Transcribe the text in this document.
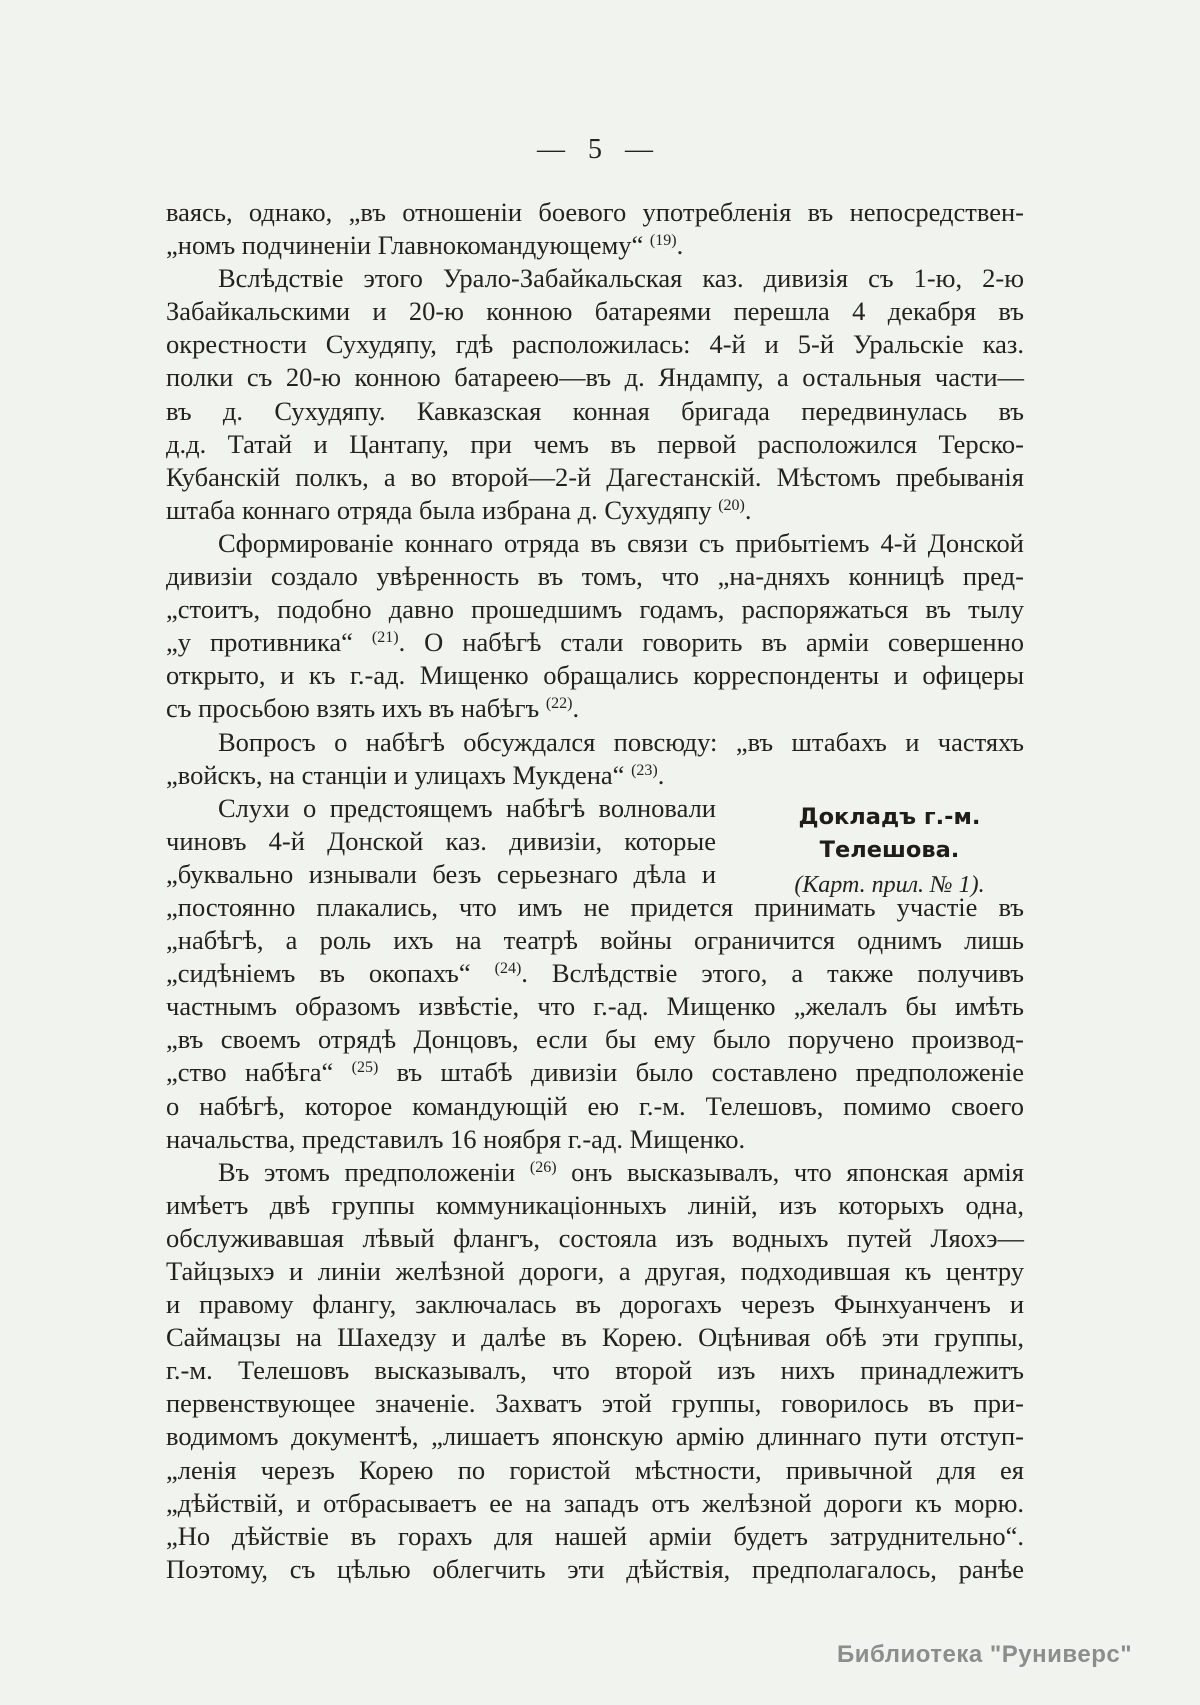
— 5 —
ваясь, однако, „въ отношеніи боевого употребленія въ непосредствен-
„номъ подчиненіи Главнокомандующему“ $^{(19)}$.
Вслѣдствіе этого Урало-Забайкальская каз. дивизія съ 1-ю, 2-ю
Забайкальскими и 20-ю конною батареями перешла 4 декабря въ
окрестности Сухудяпу, гдѣ расположилась: 4-й и 5-й Уральскіе каз.
полки съ 20-ю конною батареею—въ д. Яндампу, а остальныя части—
въ д. Сухудяпу. Кавказская конная бригада передвинулась въ
д.д. Татай и Цантапу, при чемъ въ первой расположился Терско-
Кубанскій полкъ, а во второй—2-й Дагестанскій. Мѣстомъ пребыванія
штаба коннаго отряда была избрана д. Сухудяпу $^{(20)}$.
Сформированіе коннаго отряда въ связи съ прибытіемъ 4-й Донской
дивизіи создало увѣренность въ томъ, что „на-дняхъ конницѣ пред-
„стоитъ, подобно давно прошедшимъ годамъ, распоряжаться въ тылу
„у противника“ $^{(21)}$. О набѣгѣ стали говорить въ арміи совершенно
открыто, и къ г.-ад. Мищенко обращались корреспонденты и офицеры
съ просьбою взять ихъ въ набѣгъ $^{(22)}$.
Вопросъ о набѣгѣ обсуждался повсюду: „въ штабахъ и частяхъ
„войскъ, на станціи и улицахъ Мукдена“ $^{(23)}$.
Слухи о предстоящемъ набѣгѣ волновали
чиновъ 4-й Донской каз. дивизіи, которые
„буквально изнывали безъ серьезнаго дѣла и
„постоянно плакались, что имъ не придется принимать участіе въ
„набѣгѣ, а роль ихъ на театрѣ войны ограничится однимъ лишь
„сидѣніемъ въ окопахъ“ $^{(24)}$. Вслѣдствіе этого, а также получивъ
частнымъ образомъ извѣстіе, что г.-ад. Мищенко „желалъ бы имѣть
„въ своемъ отрядѣ Донцовъ, если бы ему было поручено производ-
„ство набѣга“ $^{(25)}$ въ штабѣ дивизіи было составлено предположеніе
о набѣгѣ, которое командующій ею г.-м. Телешовъ, помимо своего
начальства, представилъ 16 ноября г.-ад. Мищенко.
Въ этомъ предположеніи $^{(26)}$ онъ высказывалъ, что японская армія
имѣетъ двѣ группы коммуникаціонныхъ линій, изъ которыхъ одна,
обслуживавшая лѣвый флангъ, состояла изъ водныхъ путей Ляохэ—
Тайцзыхэ и линіи желѣзной дороги, а другая, подходившая къ центру
и правому флангу, заключалась въ дорогахъ черезъ Фынхуанченъ и
Саймацзы на Шахедзу и далѣе въ Корею. Оцѣнивая обѣ эти группы,
г.-м. Телешовъ высказывалъ, что второй изъ нихъ принадлежитъ
первенствующее значеніе. Захватъ этой группы, говорилось въ при-
водимомъ документѣ, „лишаетъ японскую армію длиннаго пути отступ-
„ленія черезъ Корею по гористой мѣстности, привычной для ея
„дѣйствій, и отбрасываетъ ее на западъ отъ желѣзной дороги къ морю.
„Но дѣйствіе въ горахъ для нашей арміи будетъ затруднительно“.
Поэтому, съ цѣлью облегчить эти дѣйствія, предполагалось, ранѣе
Докладъ г.-м. Телешова.
(Карт. прил. № 1).
Библиотека "Руниверс"
